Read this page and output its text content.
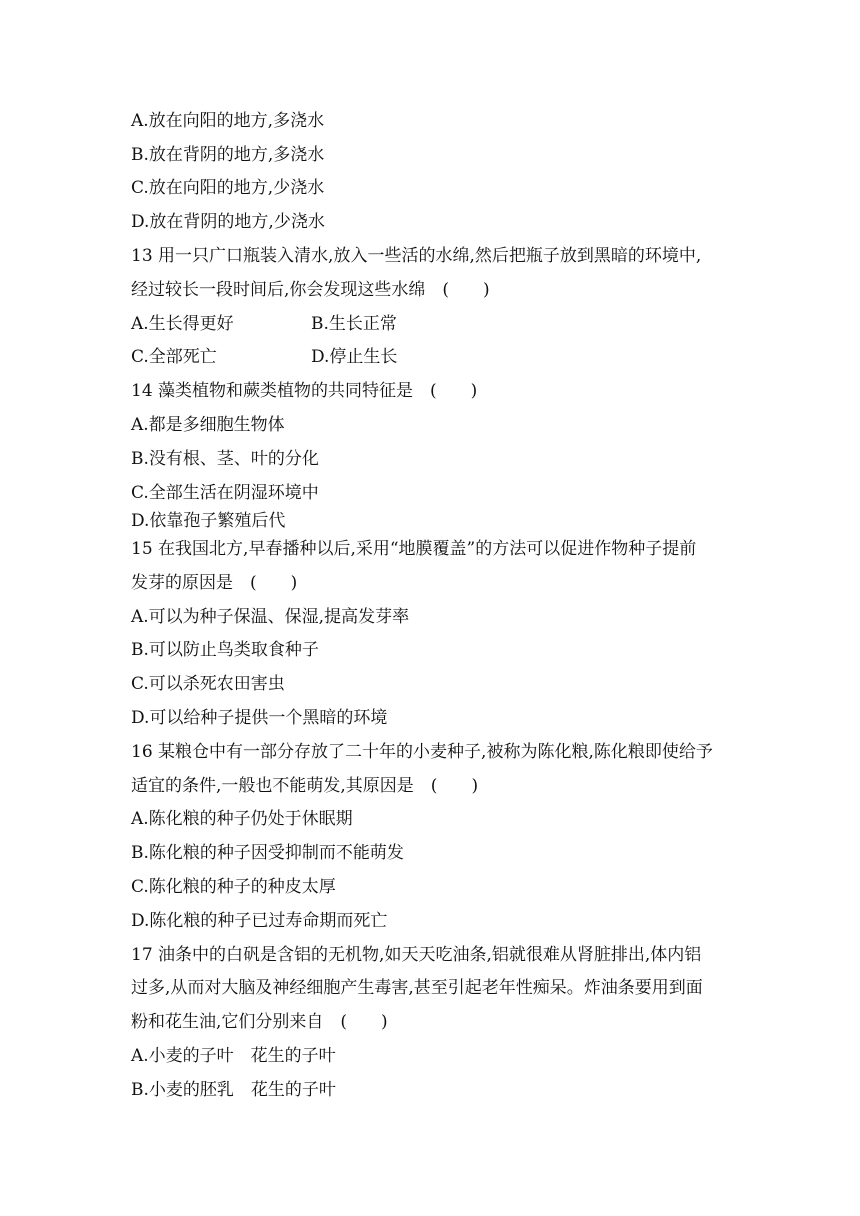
A.放在向阳的地方,多浇水
B.放在背阴的地方,多浇水
C.放在向阳的地方,少浇水
D.放在背阴的地方,少浇水
13 用一只广口瓶装入清水,放入一些活的水绵,然后把瓶子放到黑暗的环境中,
经过较长一段时间后,你会发现这些水绵　(　　)
A.生长得更好	B.生长正常
C.全部死亡	D.停止生长
14 藻类植物和蕨类植物的共同特征是　(　　)
A.都是多细胞生物体
B.没有根、茎、叶的分化
C.全部生活在阴湿环境中
D.依靠孢子繁殖后代
15 在我国北方,早春播种以后,采用“地膜覆盖”的方法可以促进作物种子提前
发芽的原因是　(　　)
A.可以为种子保温、保湿,提高发芽率
B.可以防止鸟类取食种子
C.可以杀死农田害虫
D.可以给种子提供一个黑暗的环境
16 某粮仓中有一部分存放了二十年的小麦种子,被称为陈化粮,陈化粮即使给予
适宜的条件,一般也不能萌发,其原因是　(　　)
A.陈化粮的种子仍处于休眠期
B.陈化粮的种子因受抑制而不能萌发
C.陈化粮的种子的种皮太厚
D.陈化粮的种子已过寿命期而死亡
17 油条中的白矾是含铝的无机物,如天天吃油条,铝就很难从肾脏排出,体内铝
过多,从而对大脑及神经细胞产生毒害,甚至引起老年性痴呆。炸油条要用到面
粉和花生油,它们分别来自　(　　)
A.小麦的子叶　花生的子叶
B.小麦的胚乳　花生的子叶
